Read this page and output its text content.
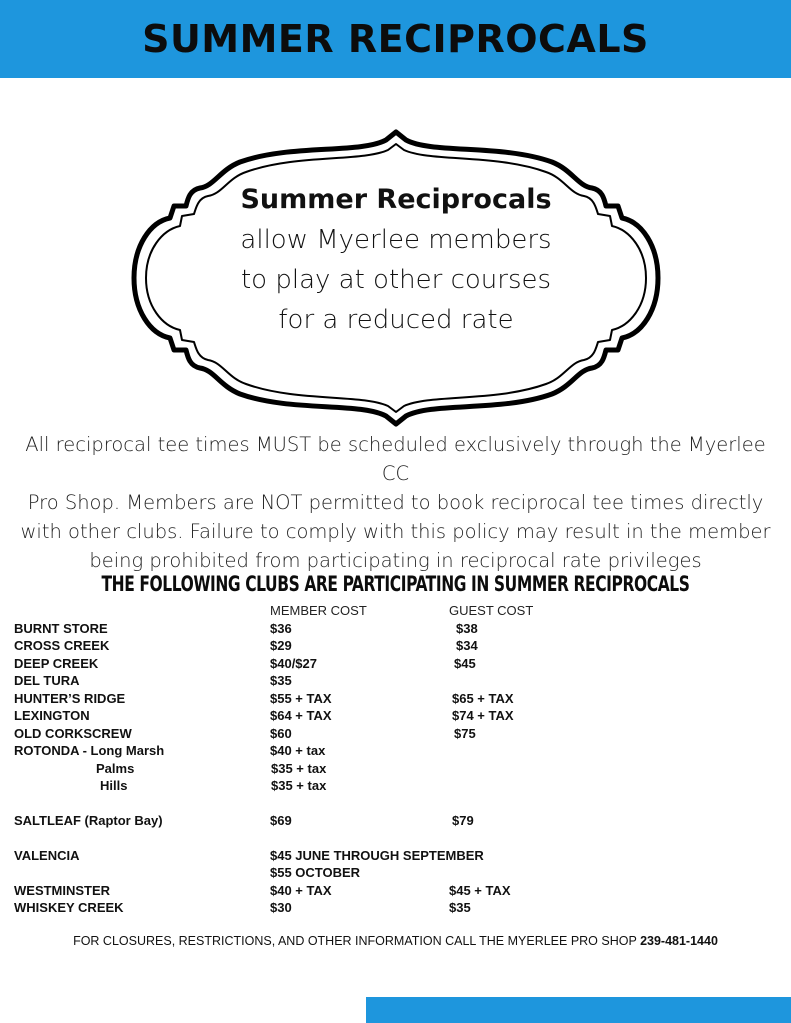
SUMMER RECIPROCALS
Summer Reciprocals
allow Myerlee members
to play at other courses
for a reduced rate
All reciprocal tee times MUST be scheduled exclusively through the Myerlee CC
Pro Shop. Members are NOT permitted to book reciprocal tee times directly
with other clubs. Failure to comply with this policy may result in the member
being prohibited from participating in reciprocal rate privileges
THE FOLLOWING CLUBS ARE PARTICIPATING IN SUMMER RECIPROCALS
MEMBER COST	GUEST COST
BURNT STORE	$36	$38
CROSS CREEK	$29	$34
DEEP CREEK	$40/$27	$45
DEL TURA	$35
HUNTER’S RIDGE	$55 + TAX	$65 + TAX
LEXINGTON	$64 + TAX	$74 + TAX
OLD CORKSCREW	$60	$75
ROTONDA - Long Marsh	$40 + tax
Palms	$35 + tax
Hills	$35 + tax
SALTLEAF (Raptor Bay)	$69	$79
VALENCIA	$45 JUNE THROUGH SEPTEMBER
$55 OCTOBER
WESTMINSTER	$40 + TAX	$45 + TAX
WHISKEY CREEK	$30	$35
FOR CLOSURES, RESTRICTIONS, AND OTHER INFORMATION CALL THE MYERLEE PRO SHOP 239-481-1440
